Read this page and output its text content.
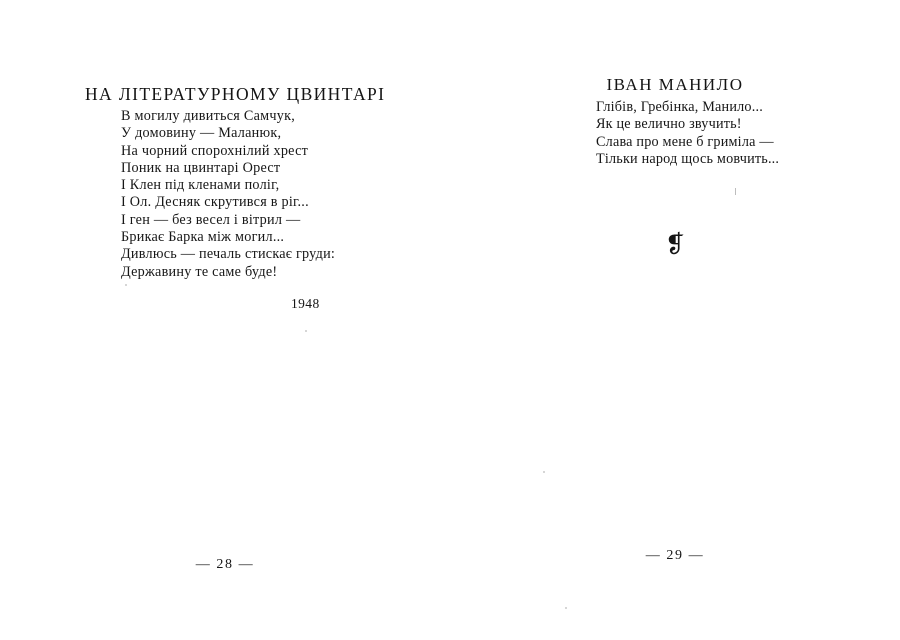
НА ЛІТЕРАТУРНОМУ ЦВИНТАРІ
В могилу дивиться Самчук,
У домовину — Маланюк,
На чорний спорохнілий хрест
Поник на цвинтарі Орест
І Клен під кленами поліг,
І Ол. Десняк скрутився в ріг...
І ген — без весел і вітрил —
Брикає Барка між могил...
Дивлюсь — печаль стискає груди:
Державину те саме буде!
1948
— 28 —
ІВАН МАНИЛО
Глібів, Гребінка, Манило...
Як це велично звучить!
Слава про мене б гриміла —
Тільки народ щось мовчить...
❡
— 29 —
